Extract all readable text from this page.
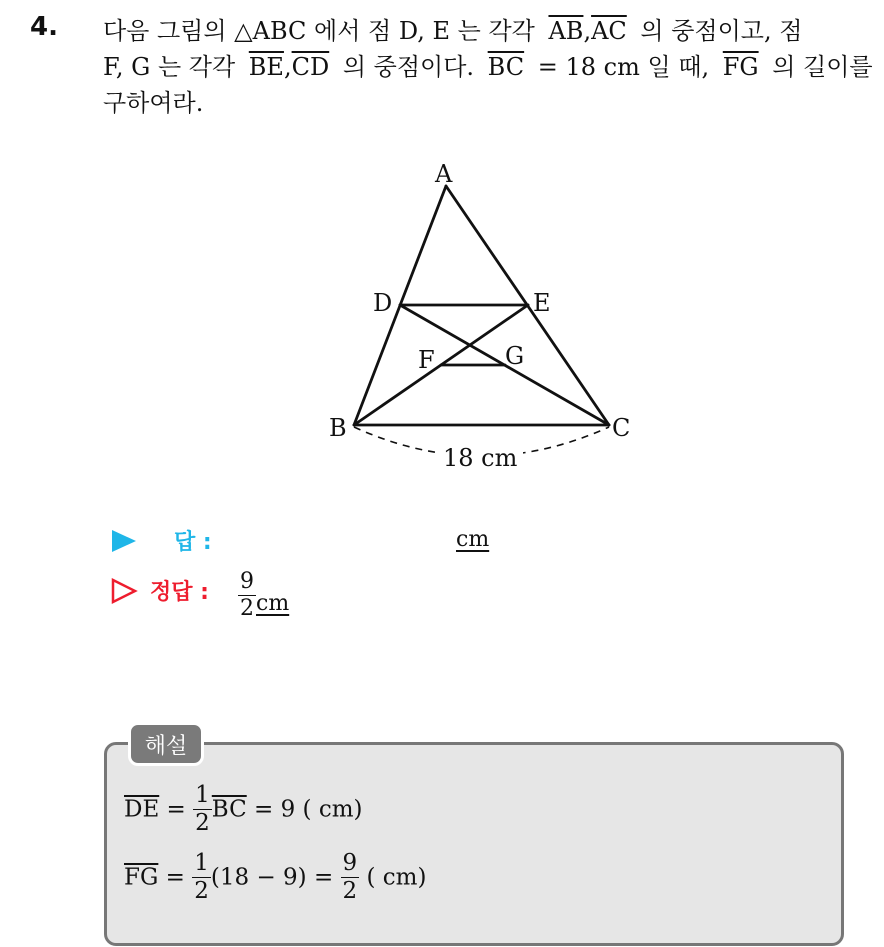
4. 다음 그림의 △ABC 에서 점 D, E 는 각각 $\overline{AB},\overline{AC}$ 의 중점이고, 점
F, G 는 각각 $\overline{BE},\overline{CD}$ 의 중점이다. $\overline{BC} = 18$ cm 일 때, $\overline{FG}$ 의 길이를
구하여라.
A
B	C
D	E
F	G
18 cm
답 :	cm
정답 : $\frac{9}{2}$ cm
해설
$\overline{DE} = \frac{1}{2} \overline{BC} = 9$ ( cm)
$\overline{FG} = \frac{1}{2} (18 - 9) = \frac{9}{2}$ ( cm)
